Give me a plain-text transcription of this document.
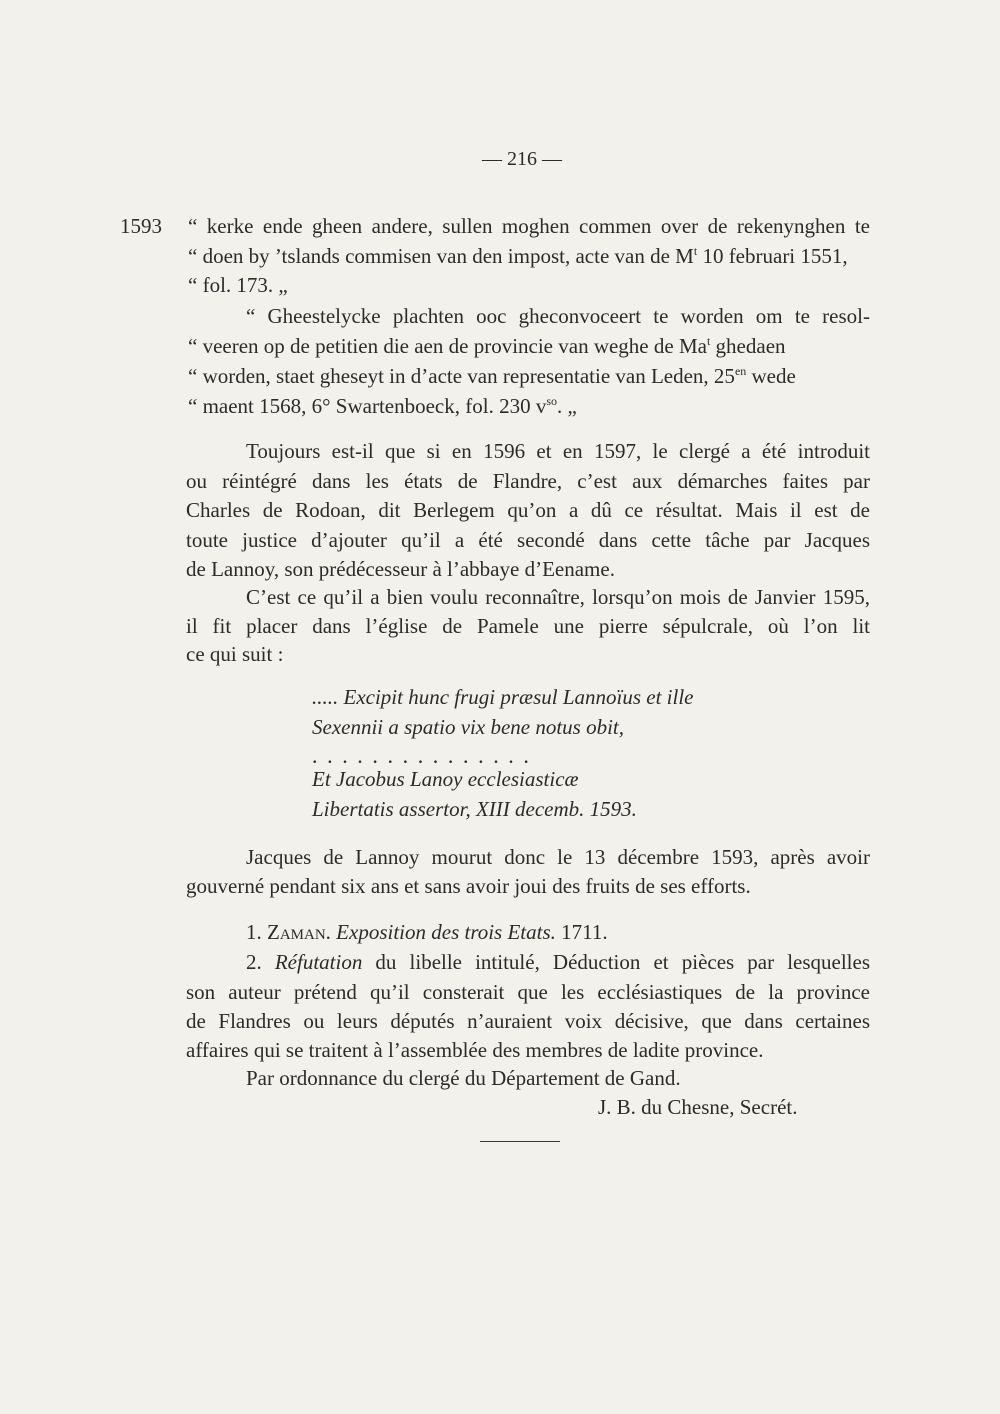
— 216 —
1593 “ kerke ende gheen andere, sullen moghen commen over de rekenynghen te
“ doen by ’tslands commisen van den impost, acte van de $M^t$ 10 februari 1551,
“ fol. 173. „
“ Gheestelycke plachten ooc gheconvoceert te worden om te resol-
“ veeren op de petitien die aen de provincie van weghe de Ma$^t$ ghedaen
“ worden, staet gheseyt in d’acte van representatie van Leden, $25^{en}$ wede
“ maent 1568, 6° Swartenboeck, fol. 230 $v^{so}$. „
Toujours est-il que si en 1596 et en 1597, le clergé a été introduit
ou réintégré dans les états de Flandre, c’est aux démarches faites par
Charles de Rodoan, dit Berlegem qu’on a dû ce résultat. Mais il est de
toute justice d’ajouter qu’il a été secondé dans cette tâche par Jacques
de Lannoy, son prédécesseur à l’abbaye d’Eename.
C’est ce qu’il a bien voulu reconnaître, lorsqu’on mois de Janvier 1595,
il fit placer dans l’église de Pamele une pierre sépulcrale, où l’on lit
ce qui suit :
..... Excipit hunc frugi præsul Lannoïus et ille
Sexennii a spatio vix bene notus obit,
...............
Et Jacobus Lanoy ecclesiasticæ
Libertatis assertor, XIII decemb. 1593.
Jacques de Lannoy mourut donc le 13 décembre 1593, après avoir
gouverné pendant six ans et sans avoir joui des fruits de ses efforts.
1. Zaman. Exposition des trois Etats. 1711.
2. Réfutation du libelle intitulé, Déduction et pièces par lesquelles
son auteur prétend qu’il consterait que les ecclésiastiques de la province
de Flandres ou leurs députés n’auraient voix décisive, que dans certaines
affaires qui se traitent à l’assemblée des membres de ladite province.
Par ordonnance du clergé du Département de Gand.
J. B. du Chesne, Secrét.
